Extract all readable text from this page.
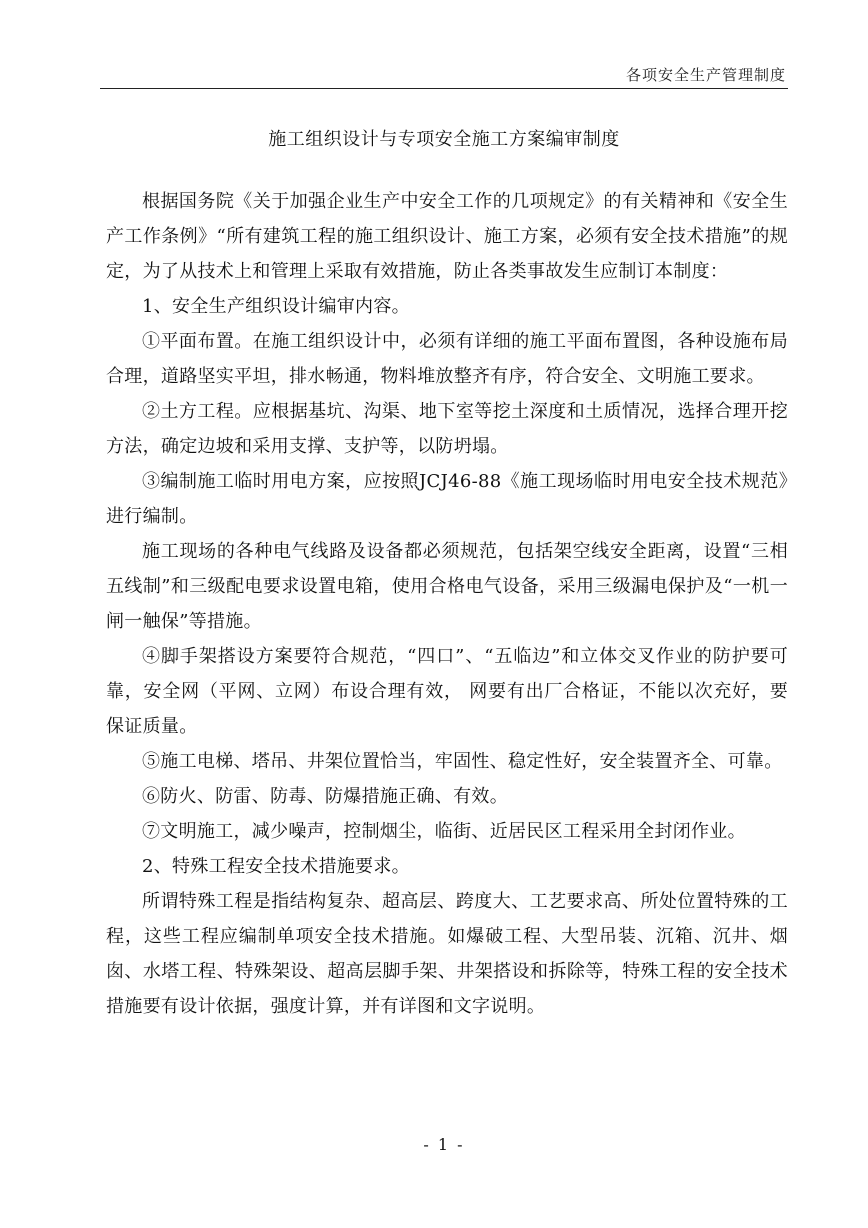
各项安全生产管理制度
施工组织设计与专项安全施工方案编审制度

根据国务院《关于加强企业生产中安全工作的几项规定》的有关精神和《安全生产工作条例》“所有建筑工程的施工组织设计、施工方案，必须有安全技术措施”的规定，为了从技术上和管理上采取有效措施，防止各类事故发生应制订本制度：

1、安全生产组织设计编审内容。

①平面布置。在施工组织设计中，必须有详细的施工平面布置图，各种设施布局合理，道路坚实平坦，排水畅通，物料堆放整齐有序，符合安全、文明施工要求。

②土方工程。应根据基坑、沟渠、地下室等挖土深度和土质情况，选择合理开挖方法，确定边坡和采用支撑、支护等，以防坍塌。

③编制施工临时用电方案，应按照JCJ46-88《施工现场临时用电安全技术规范》进行编制。

施工现场的各种电气线路及设备都必须规范，包括架空线安全距离，设置“三相五线制”和三级配电要求设置电箱，使用合格电气设备，采用三级漏电保护及“一机一闸一触保”等措施。

④脚手架搭设方案要符合规范，“四口”、“五临边”和立体交叉作业的防护要可靠，安全网（平网、立网）布设合理有效， 网要有出厂合格证，不能以次充好，要保证质量。

⑤施工电梯、塔吊、井架位置恰当，牢固性、稳定性好，安全装置齐全、可靠。

⑥防火、防雷、防毒、防爆措施正确、有效。

⑦文明施工，减少噪声，控制烟尘，临街、近居民区工程采用全封闭作业。

2、特殊工程安全技术措施要求。

所谓特殊工程是指结构复杂、超高层、跨度大、工艺要求高、所处位置特殊的工程，这些工程应编制单项安全技术措施。如爆破工程、大型吊装、沉箱、沉井、烟囱、水塔工程、特殊架设、超高层脚手架、井架搭设和拆除等，特殊工程的安全技术措施要有设计依据，强度计算，并有详图和文字说明。

- 1 -
